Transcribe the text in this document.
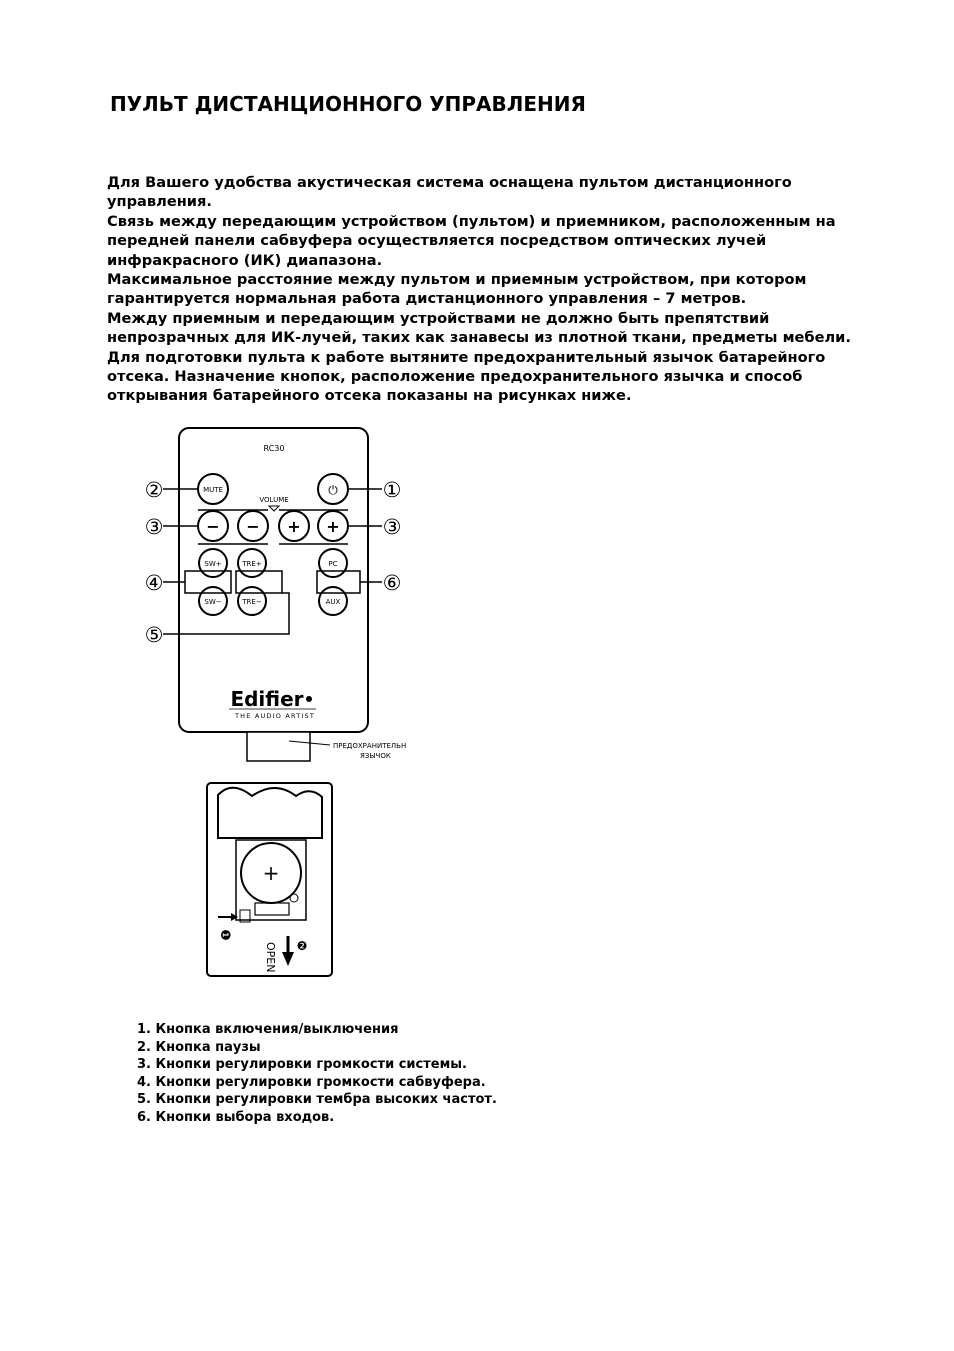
ПУЛЬТ ДИСТАНЦИОННОГО УПРАВЛЕНИЯ

Для Вашего удобства акустическая система оснащена пультом дистанционного управления.

Связь между передающим устройством (пультом) и приемником, расположенным на передней панели сабвуфера осуществляется посредством оптических лучей инфракрасного (ИК) диапазона.

Максимальное расстояние между пультом и приемным устройством, при котором гарантируется нормальная работа дистанционного управления – 7 метров.

Между приемным и передающим устройствами не должно быть препятствий непрозрачных для ИК-лучей, таких как занавесы из плотной ткани, предметы мебели.

Для подготовки пульта к работе вытяните предохранительный язычок батарейного отсека. Назначение кнопок, расположение предохранительного язычка и способ открывания батарейного отсека показаны на рисунках ниже.

RC30
MUTE	⏻
VOLUME
− − + +
SW+	TRE+	PC
SW−	TRE−	AUX
①
②
③	③
④
⑤
⑥
Edifier
THE AUDIO ARTIST
ПРЕДОХРАНИТЕЛЬН
ЯЗЫЧОК
+
❶
OPEN ❷
1. Кнопка включения/выключения
2. Кнопка паузы
3. Кнопки регулировки громкости системы.
4. Кнопки регулировки громкости сабвуфера.
5. Кнопки регулировки тембра высоких частот.
6. Кнопки выбора входов.
